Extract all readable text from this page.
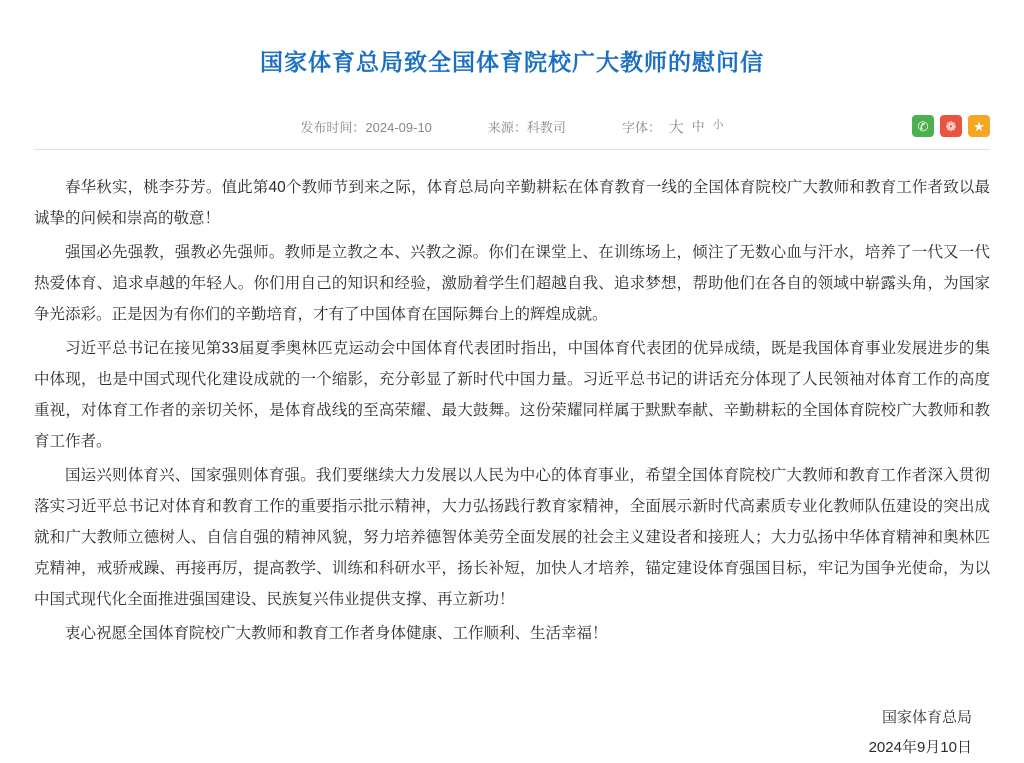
国家体育总局致全国体育院校广大教师的慰问信
发布时间：2024-09-10	来源：科教司	字体： 大 中 小	✆	❁	★

春华秋实，桃李芬芳。值此第40个教师节到来之际，体育总局向辛勤耕耘在体育教育一线的全国体育院校广大教师和教育工作者致以最诚挚的问候和崇高的敬意！

强国必先强教，强教必先强师。教师是立教之本、兴教之源。你们在课堂上、在训练场上，倾注了无数心血与汗水，培养了一代又一代热爱体育、追求卓越的年轻人。你们用自己的知识和经验，激励着学生们超越自我、追求梦想，帮助他们在各自的领域中崭露头角，为国家争光添彩。正是因为有你们的辛勤培育，才有了中国体育在国际舞台上的辉煌成就。

习近平总书记在接见第33届夏季奥林匹克运动会中国体育代表团时指出，中国体育代表团的优异成绩，既是我国体育事业发展进步的集中体现，也是中国式现代化建设成就的一个缩影，充分彰显了新时代中国力量。习近平总书记的讲话充分体现了人民领袖对体育工作的高度重视，对体育工作者的亲切关怀，是体育战线的至高荣耀、最大鼓舞。这份荣耀同样属于默默奉献、辛勤耕耘的全国体育院校广大教师和教育工作者。

国运兴则体育兴、国家强则体育强。我们要继续大力发展以人民为中心的体育事业，希望全国体育院校广大教师和教育工作者深入贯彻落实习近平总书记对体育和教育工作的重要指示批示精神，大力弘扬践行教育家精神，全面展示新时代高素质专业化教师队伍建设的突出成就和广大教师立德树人、自信自强的精神风貌，努力培养德智体美劳全面发展的社会主义建设者和接班人；大力弘扬中华体育精神和奥林匹克精神，戒骄戒躁、再接再厉，提高教学、训练和科研水平，扬长补短，加快人才培养，锚定建设体育强国目标，牢记为国争光使命，为以中国式现代化全面推进强国建设、民族复兴伟业提供支撑、再立新功！

衷心祝愿全国体育院校广大教师和教育工作者身体健康、工作顺利、生活幸福！

国家体育总局
2024年9月10日
